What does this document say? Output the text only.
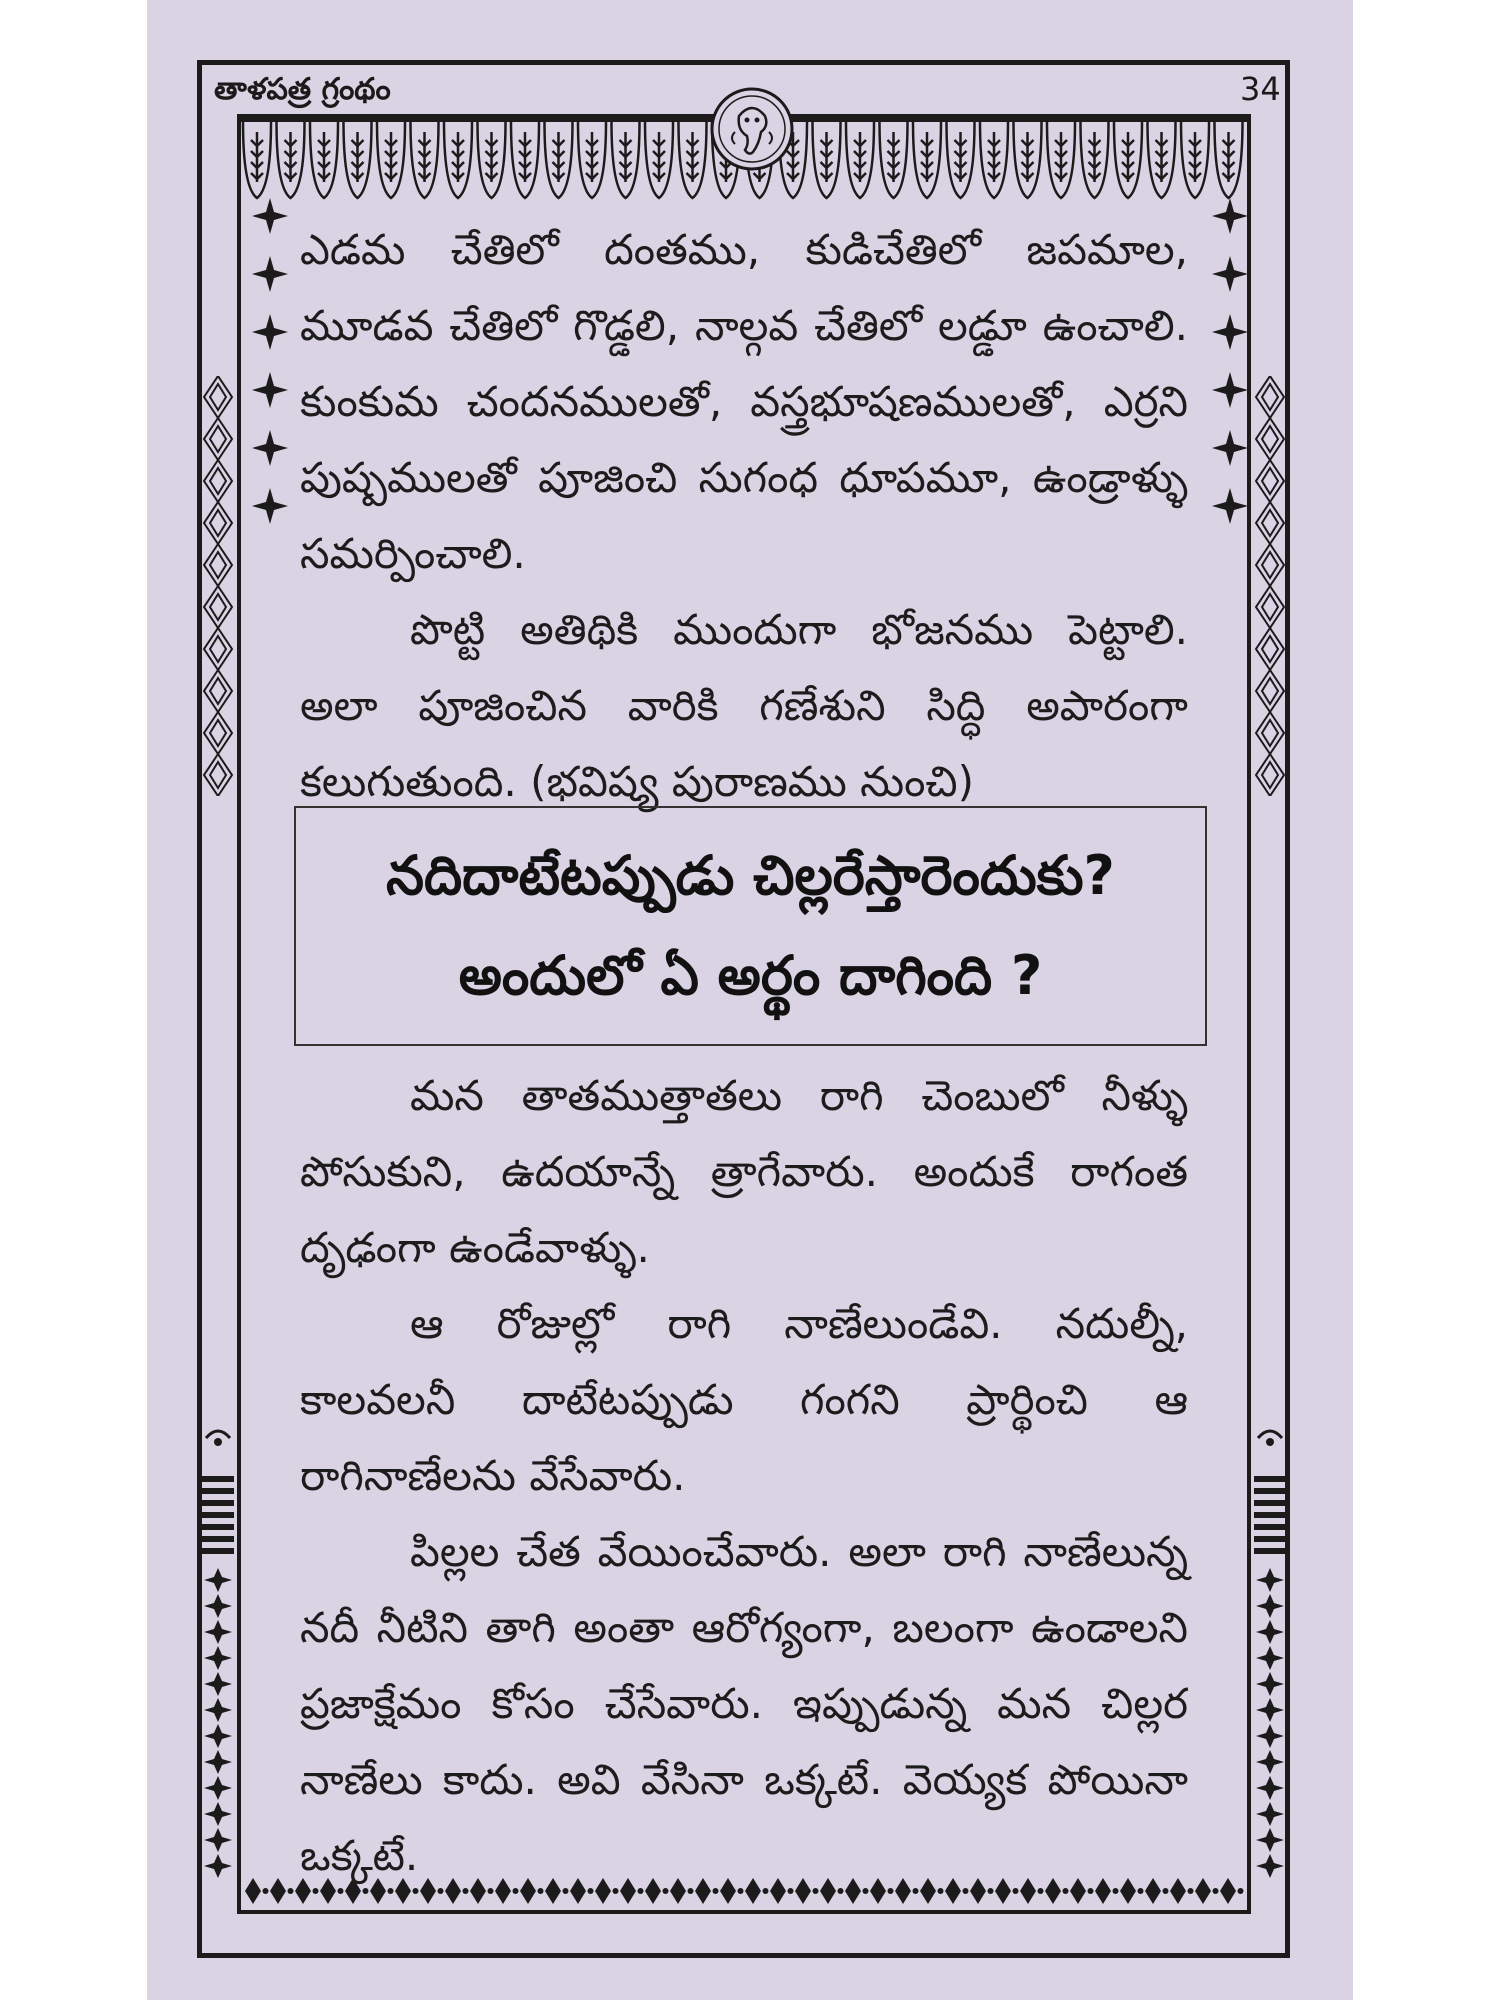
తాళపత్ర గ్రంథం	34

ఎడమ చేతిలో దంతము, కుడిచేతిలో జపమాల, మూడవ చేతిలో గొడ్డలి, నాల్గవ చేతిలో లడ్డూ ఉంచాలి. కుంకుమ చందనములతో, వస్త్రభూషణములతో, ఎర్రని పుష్పములతో పూజించి సుగంధ ధూపమూ, ఉండ్రాళ్ళు సమర్పించాలి.

పొట్టి అతిథికి ముందుగా భోజనము పెట్టాలి. అలా పూజించిన వారికి గణేశుని సిద్ధి అపారంగా కలుగుతుంది. (భవిష్య పురాణము నుంచి)

నదిదాటేటప్పుడు చిల్లరేస్తారెందుకు?
అందులో ఏ అర్థం దాగింది ?

మన తాతముత్తాతలు రాగి చెంబులో నీళ్ళు పోసుకుని, ఉదయాన్నే త్రాగేవారు. అందుకే రాగంత దృఢంగా ఉండేవాళ్ళు.

ఆ రోజుల్లో రాగి నాణేలుండేవి. నదుల్నీ, కాలవలనీ దాటేటప్పుడు గంగని ప్రార్థించి ఆ రాగినాణేలను వేసేవారు.

పిల్లల చేత వేయించేవారు. అలా రాగి నాణేలున్న నదీ నీటిని తాగి అంతా ఆరోగ్యంగా, బలంగా ఉండాలని ప్రజాక్షేమం కోసం చేసేవారు. ఇప్పుడున్న మన చిల్లర నాణేలు కాదు. అవి వేసినా ఒక్కటే. వెయ్యక పోయినా ఒక్కటే.
